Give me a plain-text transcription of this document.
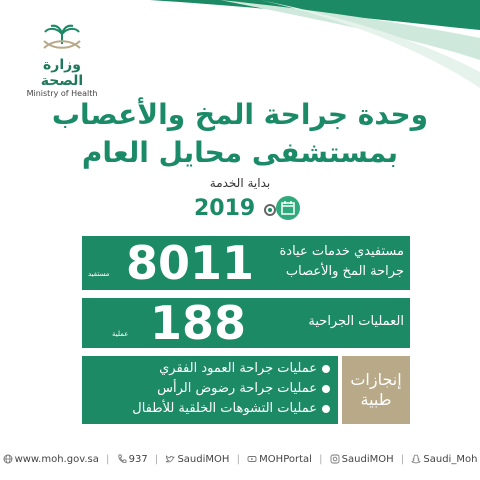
وزارة الصحة
Ministry of Health
وحدة جراحة المخ والأعصاب
بمستشفى محايل العام
بداية الخدمة
2019
8011
مستفيد
مستفيدي خدمات عيادة
جراحة المخ والأعصاب
188
عملية
العمليات الجراحية
عمليات جراحة العمود الفقري
عمليات جراحة رضوض الرأس
عمليات التشوهات الخلقية للأطفال
إنجازات
طبية
www.moh.gov.sa | 937 | SaudiMOH | MOHPortal | SaudiMOH | Saudi_Moh
